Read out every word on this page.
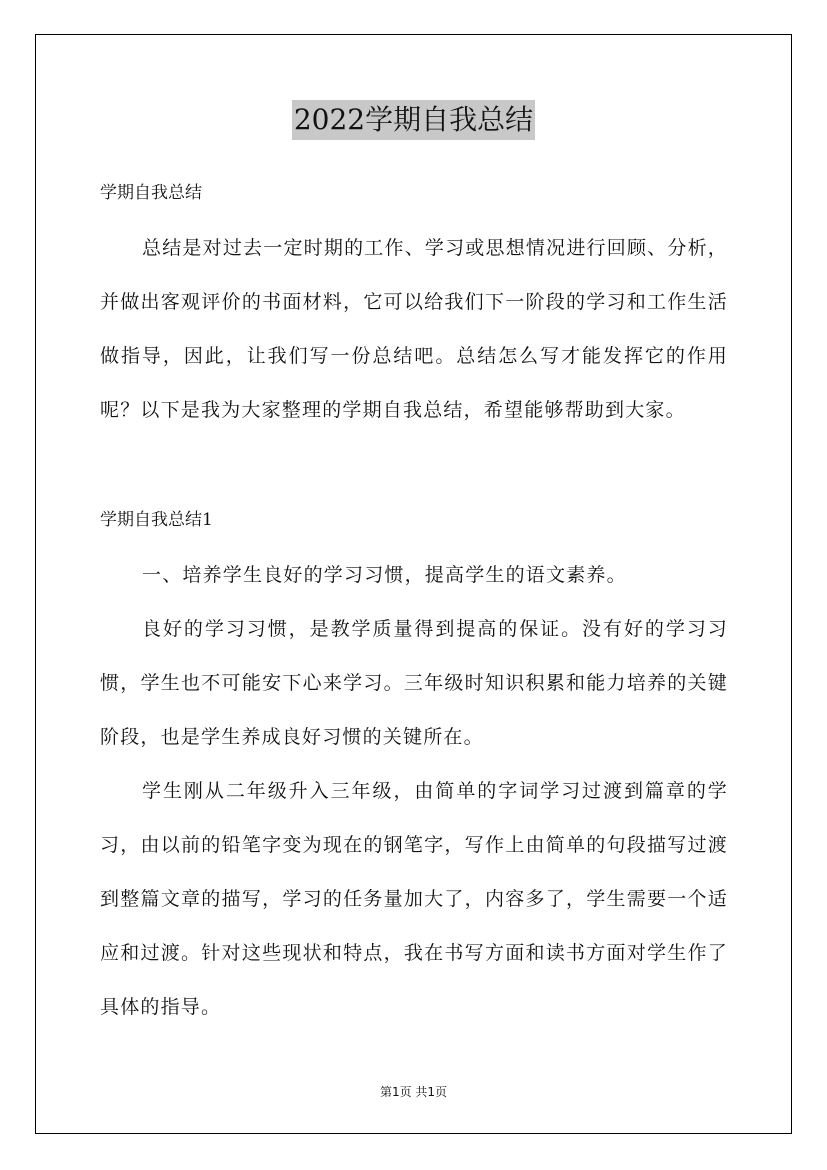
2022学期自我总结
学期自我总结

总结是对过去一定时期的工作、学习或思想情况进行回顾、分析，并做出客观评价的书面材料，它可以给我们下一阶段的学习和工作生活做指导，因此，让我们写一份总结吧。总结怎么写才能发挥它的作用呢？以下是我为大家整理的学期自我总结，希望能够帮助到大家。

学期自我总结1

一、培养学生良好的学习习惯，提高学生的语文素养。

良好的学习习惯，是教学质量得到提高的保证。没有好的学习习惯，学生也不可能安下心来学习。三年级时知识积累和能力培养的关键阶段，也是学生养成良好习惯的关键所在。

学生刚从二年级升入三年级，由简单的字词学习过渡到篇章的学习，由以前的铅笔字变为现在的钢笔字，写作上由简单的句段描写过渡到整篇文章的描写，学习的任务量加大了，内容多了，学生需要一个适应和过渡。针对这些现状和特点，我在书写方面和读书方面对学生作了具体的指导。

第1页 共1页
